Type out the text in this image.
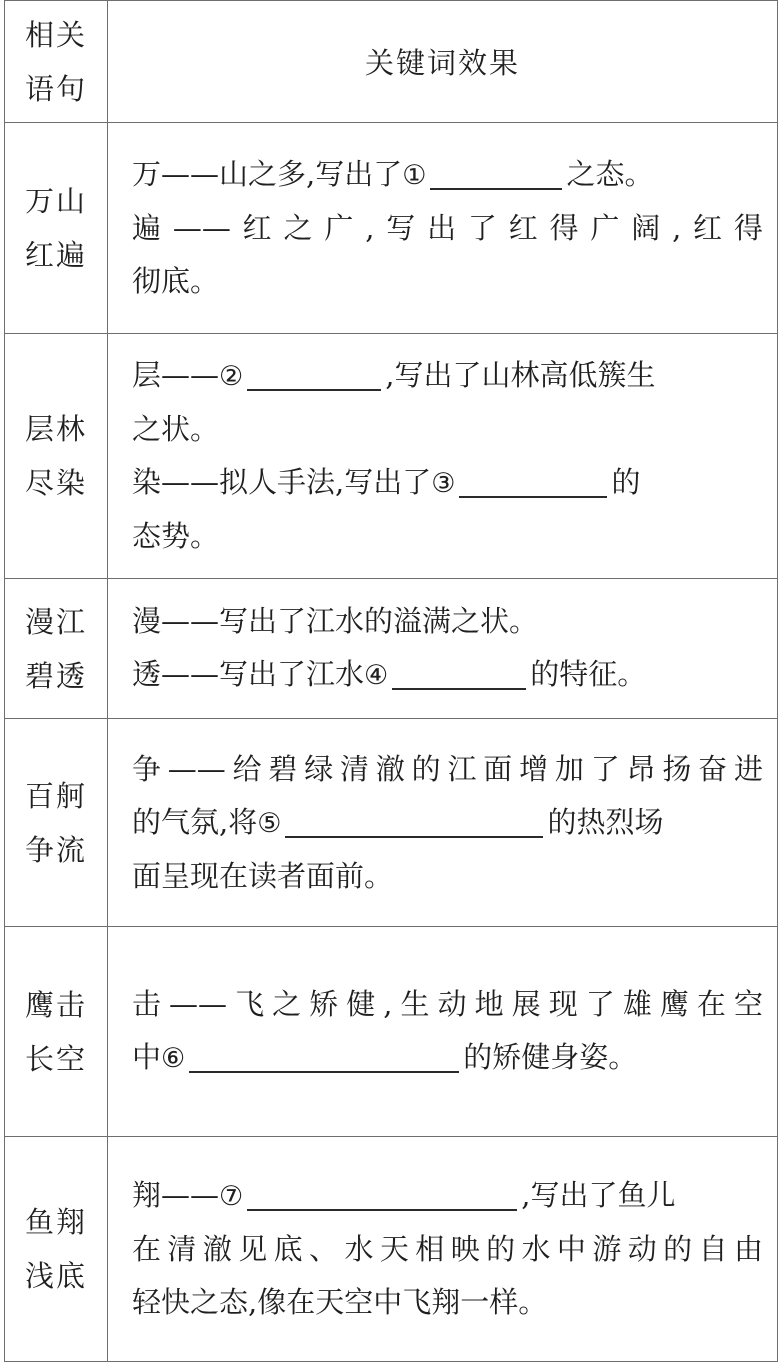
相关
语句	关键词效果

万山
红遍	万——山之多,写出了① 之态。
遍——红之广,写出了红得广阔,红得
彻底。

层林
尽染	层——② ,写出了山林高低簇生
之状。
染——拟人手法,写出了③ 的
态势。

漫江
碧透	漫——写出了江水的溢满之状。
透——写出了江水④ 的特征。

百舸
争流	争——给碧绿清澈的江面增加了昂扬奋进
的气氛,将⑤ 的热烈场
面呈现在读者面前。

鹰击
长空	击——飞之矫健,生动地展现了雄鹰在空
中⑥ 的矫健身姿。

鱼翔
浅底	翔——⑦ ,写出了鱼儿
在清澈见底、水天相映的水中游动的自由
轻快之态,像在天空中飞翔一样。
